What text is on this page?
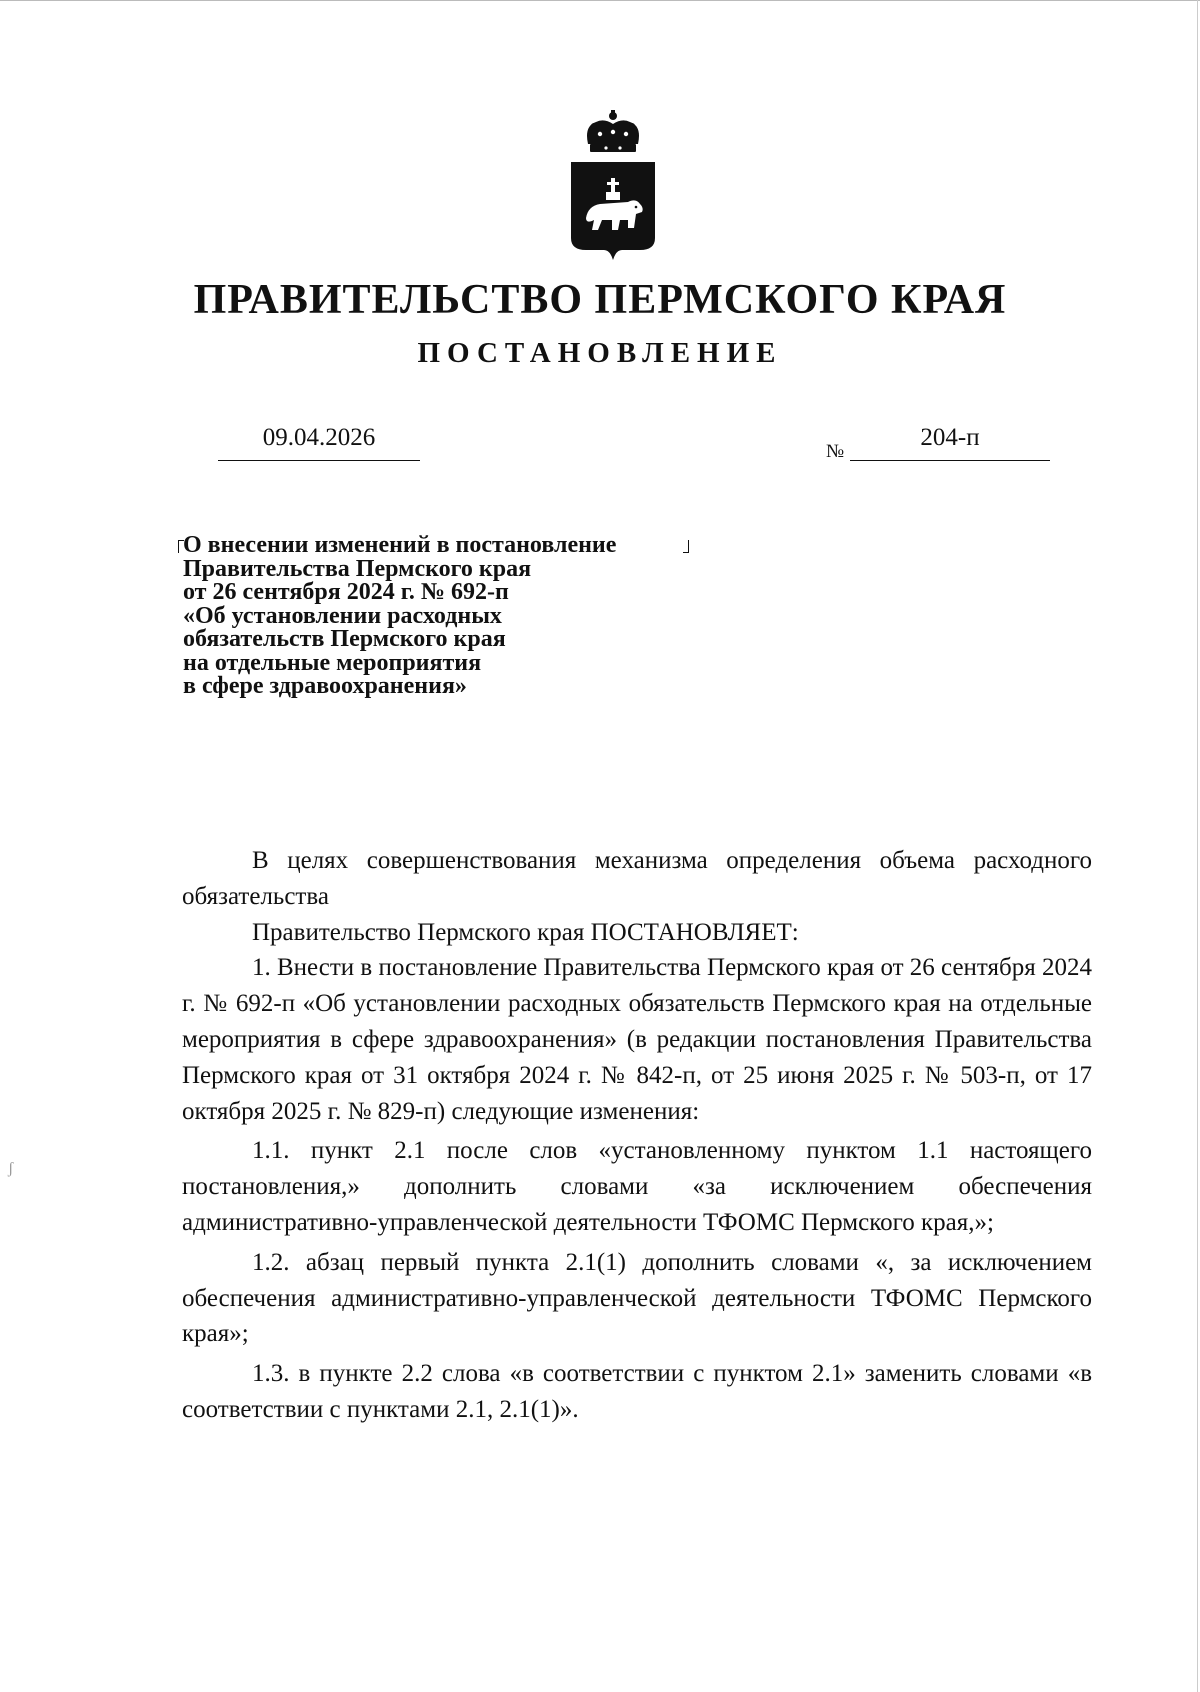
ПРАВИТЕЛЬСТВО ПЕРМСКОГО КРАЯ
ПОСТАНОВЛЕНИЕ
09.04.2026
№
204-п
О внесении изменений в постановление
Правительства Пермского края
от 26 сентября 2024 г. № 692-п
«Об установлении расходных
обязательств Пермского края
на отдельные мероприятия
в сфере здравоохранения»

В целях совершенствования механизма определения объема расходного обязательства

Правительство Пермского края ПОСТАНОВЛЯЕТ:

1. Внести в постановление Правительства Пермского края от 26 сентября 2024 г. № 692-п «Об установлении расходных обязательств Пермского края на отдельные мероприятия в сфере здравоохранения» (в редакции постановления Правительства Пермского края от 31 октября 2024 г. № 842-п, от 25 июня 2025 г. № 503-п, от 17 октября 2025 г. № 829-п) следующие изменения:

1.1. пункт 2.1 после слов «установленному пунктом 1.1 настоящего постановления,» дополнить словами «за исключением обеспечения административно-управленческой деятельности ТФОМС Пермского края,»;

1.2. абзац первый пункта 2.1(1) дополнить словами «, за исключением обеспечения административно-управленческой деятельности ТФОМС Пермского края»;

1.3. в пункте 2.2 слова «в соответствии с пунктом 2.1» заменить словами «в соответствии с пунктами 2.1, 2.1(1)».

ʃ
